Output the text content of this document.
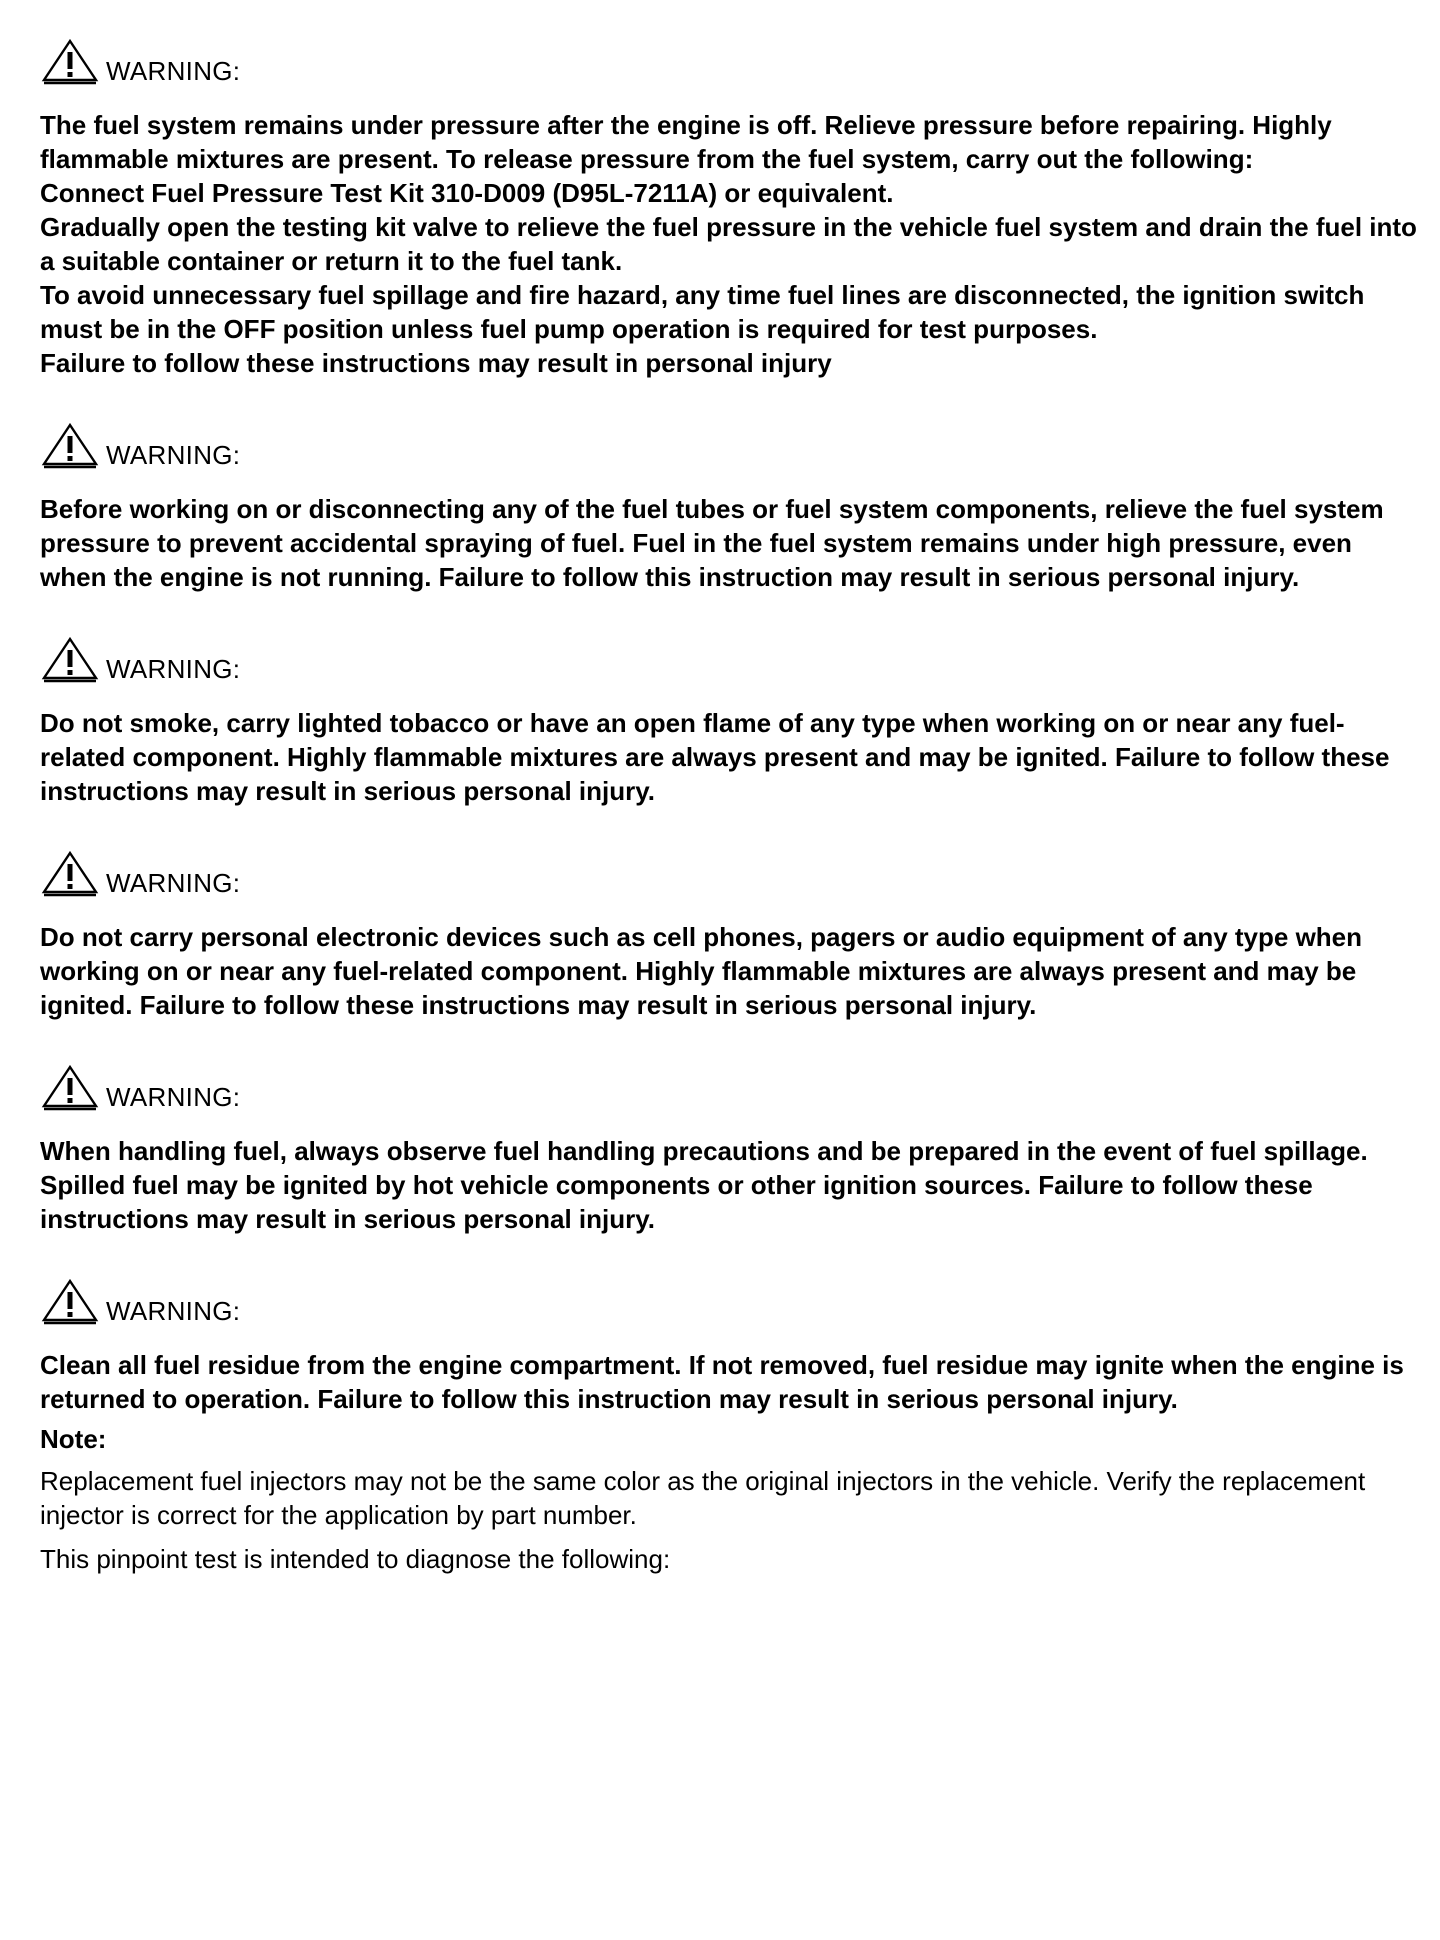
WARNING:

The fuel system remains under pressure after the engine is off. Relieve pressure before repairing. Highly flammable mixtures are present. To release pressure from the fuel system, carry out the following:

Connect Fuel Pressure Test Kit 310-D009 (D95L-7211A) or equivalent.

Gradually open the testing kit valve to relieve the fuel pressure in the vehicle fuel system and drain the fuel into a suitable container or return it to the fuel tank.

To avoid unnecessary fuel spillage and fire hazard, any time fuel lines are disconnected, the ignition switch must be in the OFF position unless fuel pump operation is required for test purposes.

Failure to follow these instructions may result in personal injury

WARNING:

Before working on or disconnecting any of the fuel tubes or fuel system components, relieve the fuel system pressure to prevent accidental spraying of fuel. Fuel in the fuel system remains under high pressure, even when the engine is not running. Failure to follow this instruction may result in serious personal injury.

WARNING:

Do not smoke, carry lighted tobacco or have an open flame of any type when working on or near any fuel-related component. Highly flammable mixtures are always present and may be ignited. Failure to follow these instructions may result in serious personal injury.

WARNING:

Do not carry personal electronic devices such as cell phones, pagers or audio equipment of any type when working on or near any fuel-related component. Highly flammable mixtures are always present and may be ignited. Failure to follow these instructions may result in serious personal injury.

WARNING:

When handling fuel, always observe fuel handling precautions and be prepared in the event of fuel spillage. Spilled fuel may be ignited by hot vehicle components or other ignition sources. Failure to follow these instructions may result in serious personal injury.

WARNING:

Clean all fuel residue from the engine compartment. If not removed, fuel residue may ignite when the engine is returned to operation. Failure to follow this instruction may result in serious personal injury.

Note:

Replacement fuel injectors may not be the same color as the original injectors in the vehicle. Verify the replacement injector is correct for the application by part number.

This pinpoint test is intended to diagnose the following:
